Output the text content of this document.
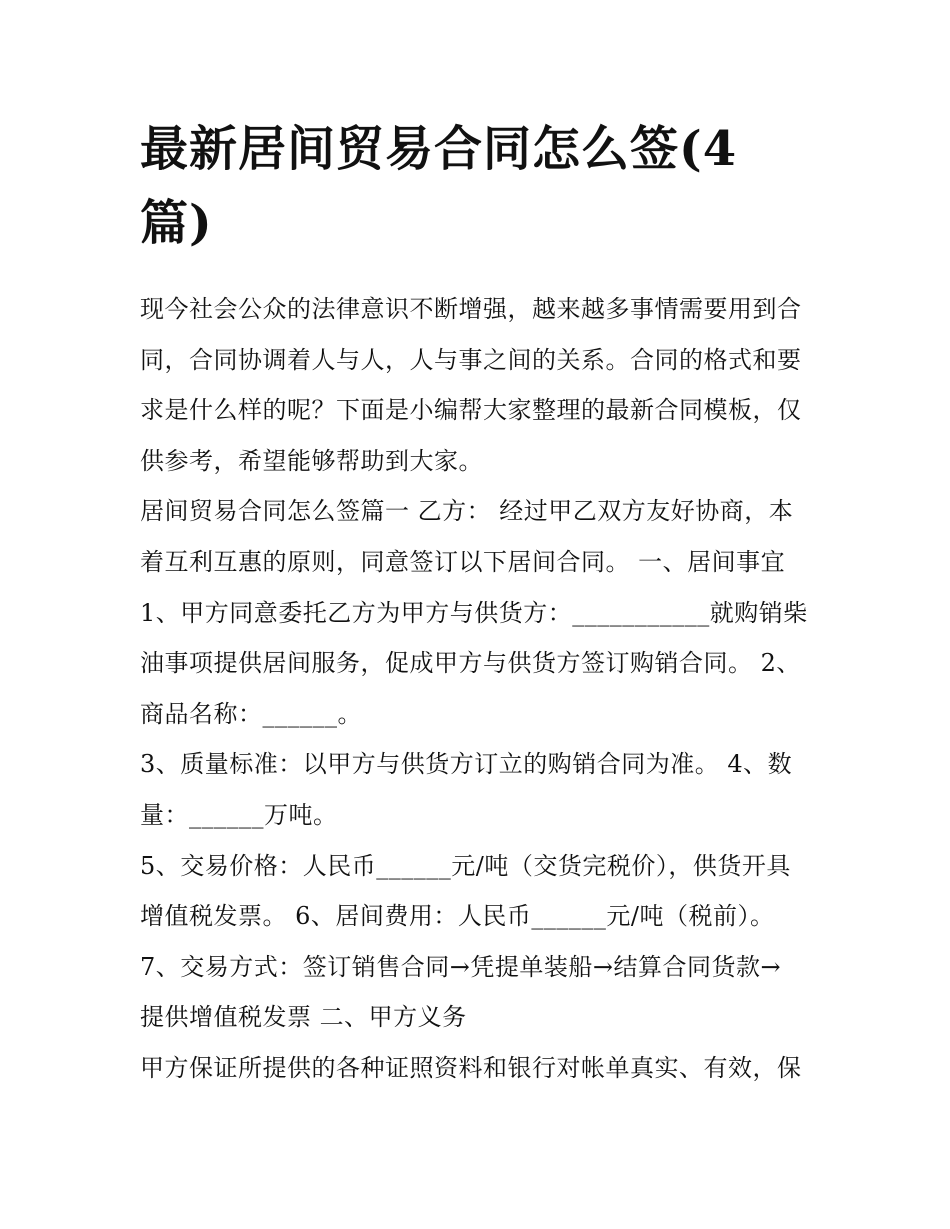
最新居间贸易合同怎么签(4
篇)

现今社会公众的法律意识不断增强，越来越多事情需要用到合
同，合同协调着人与人，人与事之间的关系。合同的格式和要
求是什么样的呢？下面是小编帮大家整理的最新合同模板，仅
供参考，希望能够帮助到大家。

居间贸易合同怎么签篇一 乙方： 经过甲乙双方友好协商，本
着互利互惠的原则，同意签订以下居间合同。 一、居间事宜

1、甲方同意委托乙方为甲方与供货方：___________就购销柴
油事项提供居间服务，促成甲方与供货方签订购销合同。 2、
商品名称：______。

3、质量标准：以甲方与供货方订立的购销合同为准。 4、数
量：______万吨。

5、交易价格：人民币______元/吨（交货完税价），供货开具
增值税发票。 6、居间费用：人民币______元/吨（税前）。

7、交易方式：签订销售合同→凭提单装船→结算合同货款→
提供增值税发票 二、甲方义务

甲方保证所提供的各种证照资料和银行对帐单真实、有效，保
